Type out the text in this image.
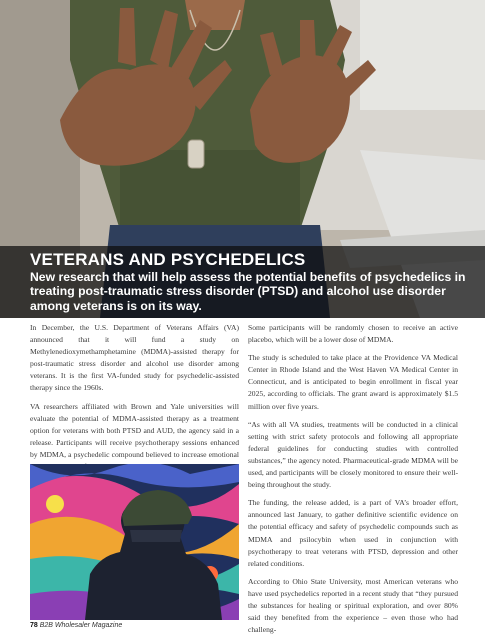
VETERANS AND PSYCHEDELICS
New research that will help assess the potential benefits of psychedelics in treating post-traumatic stress disorder (PTSD) and alcohol use disorder among veterans is on its way.

In December, the U.S. Department of Veterans Affairs (VA) announced that it will fund a study on Methylenedioxymethamphetamine (MDMA)-assisted therapy for post-traumatic stress disorder and alcohol use disorder among veterans. It is the first VA-funded study for psychedelic-assisted therapy since the 1960s.

VA researchers affiliated with Brown and Yale universities will evaluate the potential of MDMA-assisted therapy as a treatment option for veterans with both PTSD and AUD, the agency said in a release. Participants will receive psychotherapy sessions enhanced by MDMA, a psychedelic compound believed to increase emotional

Some participants will be randomly chosen to receive an active placebo, which will be a lower dose of MDMA.

The study is scheduled to take place at the Providence VA Medical Center in Rhode Island and the West Haven VA Medical Center in Connecticut, and is anticipated to begin enrollment in fiscal year 2025, according to officials. The grant award is approximately $1.5 million over five years.

“As with all VA studies, treatments will be conducted in a clinical setting with strict safety protocols and following all appropriate federal guidelines for conducting studies with controlled substances,” the agency noted. Pharmaceutical-grade MDMA will be used, and participants will be closely monitored to ensure their well-being throughout the study.

The funding, the release added, is a part of VA’s broader effort, announced last January, to gather definitive scientific evidence on the potential efficacy and safety of psychedelic compounds such as MDMA and psilocybin when used in conjunction with psychotherapy to treat veterans with PTSD, depression and other related conditions.

According to Ohio State University, most American veterans who have used psychedelics reported in a recent study that “they pursued the substances for healing or spiritual exploration, and over 80% said they benefited from the experience – even those who had challeng-

78 B2B Wholesaler Magazine
